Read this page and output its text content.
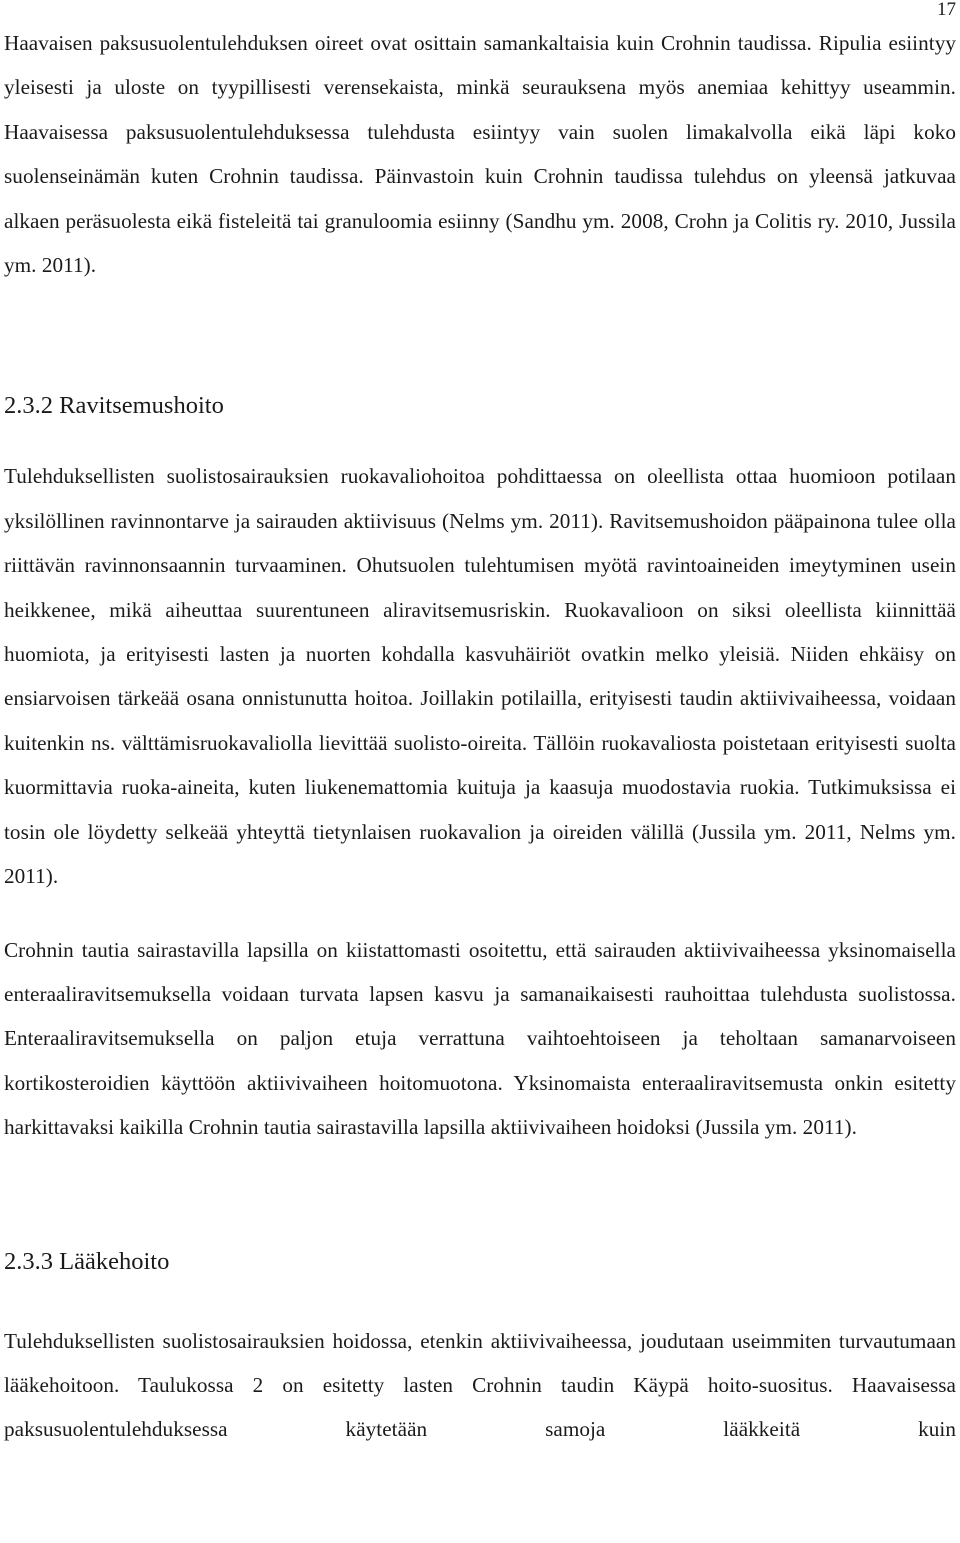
17

Haavaisen paksusuolentulehduksen oireet ovat osittain samankaltaisia kuin Crohnin taudissa. Ripulia esiintyy yleisesti ja uloste on tyypillisesti verensekaista, minkä seurauksena myös anemiaa kehittyy useammin. Haavaisessa paksusuolentulehduksessa tulehdusta esiintyy vain suolen limakalvolla eikä läpi koko suolenseinämän kuten Crohnin taudissa. Päinvastoin kuin Crohnin taudissa tulehdus on yleensä jatkuvaa alkaen peräsuolesta eikä fisteleitä tai granuloomia esiinny (Sandhu ym. 2008, Crohn ja Colitis ry. 2010, Jussila ym. 2011).

2.3.2 Ravitsemushoito

Tulehduksellisten suolistosairauksien ruokavaliohoitoa pohdittaessa on oleellista ottaa huomioon potilaan yksilöllinen ravinnontarve ja sairauden aktiivisuus (Nelms ym. 2011). Ravitsemushoidon pääpainona tulee olla riittävän ravinnonsaannin turvaaminen. Ohutsuolen tulehtumisen myötä ravintoaineiden imeytyminen usein heikkenee, mikä aiheuttaa suurentuneen aliravitsemusriskin. Ruokavalioon on siksi oleellista kiinnittää huomiota, ja erityisesti lasten ja nuorten kohdalla kasvuhäiriöt ovatkin melko yleisiä. Niiden ehkäisy on ensiarvoisen tärkeää osana onnistunutta hoitoa. Joillakin potilailla, erityisesti taudin aktiivivaiheessa, voidaan kuitenkin ns. välttämisruokavaliolla lievittää suolisto-oireita. Tällöin ruokavaliosta poistetaan erityisesti suolta kuormittavia ruoka-aineita, kuten liukenemattomia kuituja ja kaasuja muodostavia ruokia. Tutkimuksissa ei tosin ole löydetty selkeää yhteyttä tietynlaisen ruokavalion ja oireiden välillä (Jussila ym. 2011, Nelms ym. 2011).

Crohnin tautia sairastavilla lapsilla on kiistattomasti osoitettu, että sairauden aktiivivaiheessa yksinomaisella enteraaliravitsemuksella voidaan turvata lapsen kasvu ja samanaikaisesti rauhoittaa tulehdusta suolistossa. Enteraaliravitsemuksella on paljon etuja verrattuna vaihtoehtoiseen ja teholtaan samanarvoiseen kortikosteroidien käyttöön aktiivivaiheen hoitomuotona. Yksinomaista enteraaliravitsemusta onkin esitetty harkittavaksi kaikilla Crohnin tautia sairastavilla lapsilla aktiivivaiheen hoidoksi (Jussila ym. 2011).

2.3.3 Lääkehoito

Tulehduksellisten suolistosairauksien hoidossa, etenkin aktiivivaiheessa, joudutaan useimmiten turvautumaan lääkehoitoon. Taulukossa 2 on esitetty lasten Crohnin taudin Käypä hoito-suositus. Haavaisessa paksusuolentulehduksessa käytetään samoja lääkkeitä kuin
